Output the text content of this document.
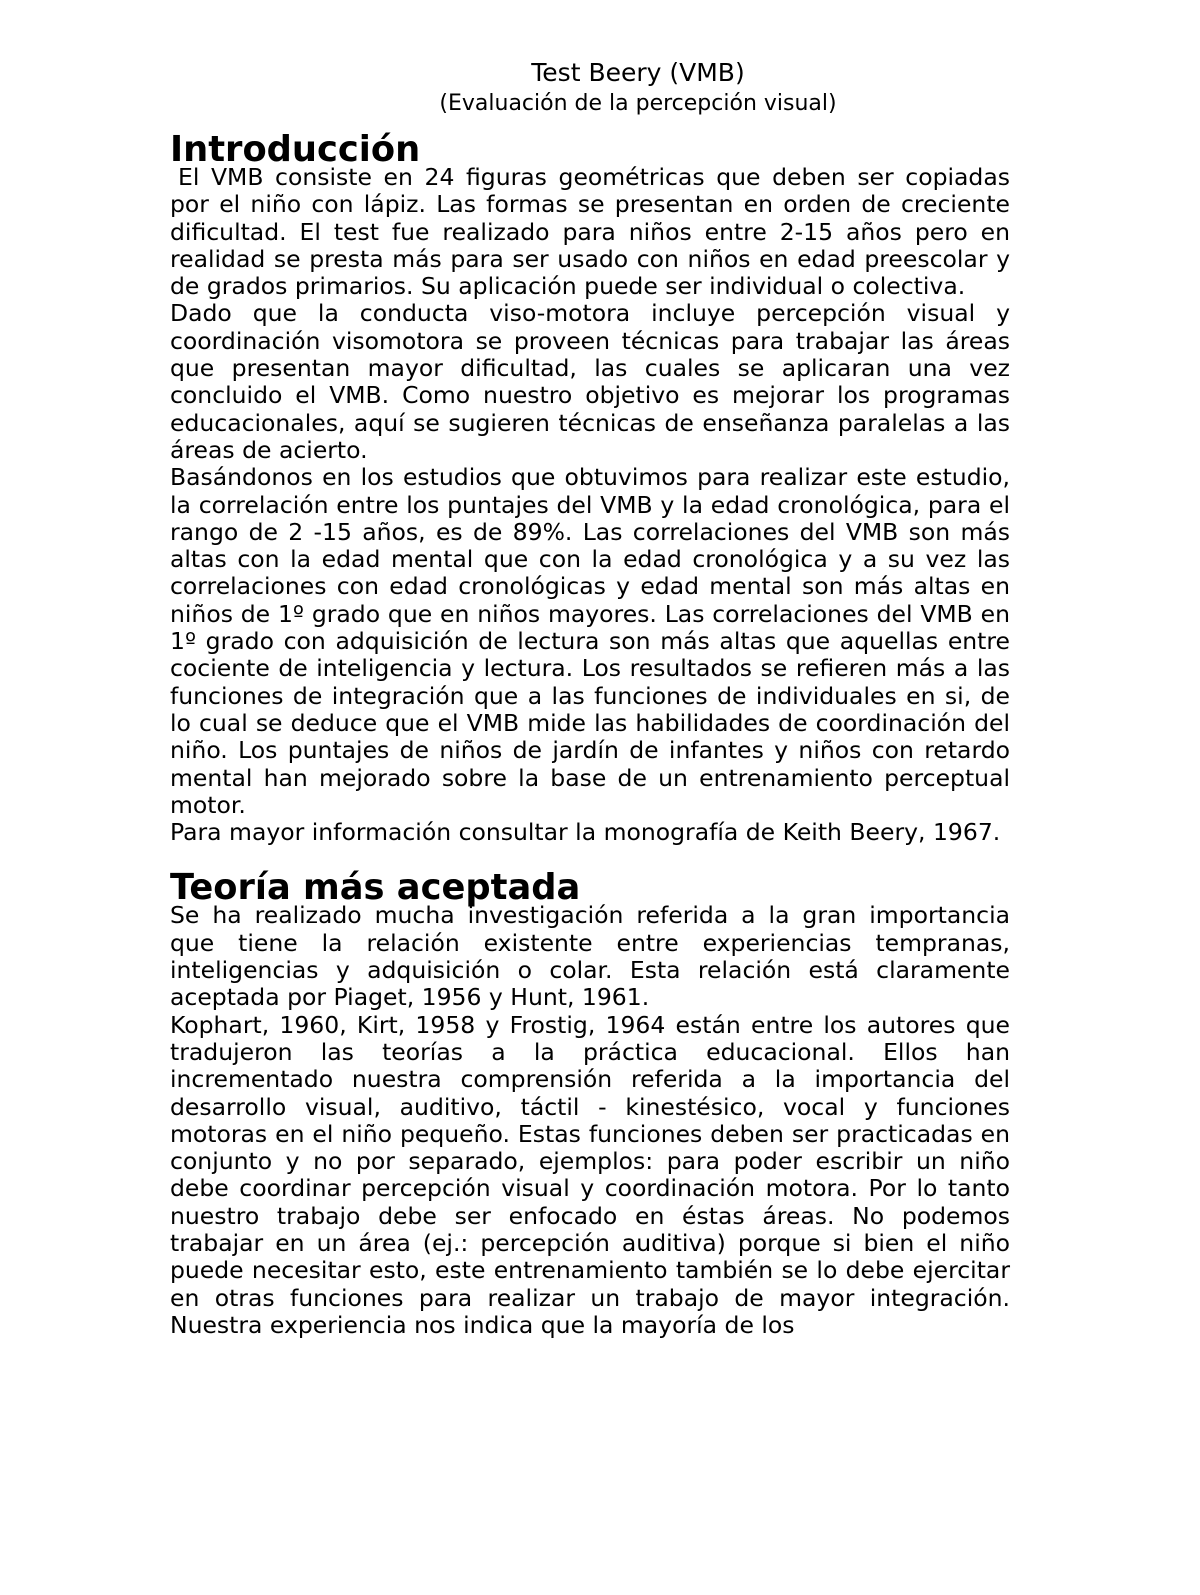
Test Beery (VMB)
(Evaluación de la percepción visual)
Introducción

El VMB consiste en 24 figuras geométricas que deben ser copiadas por el niño con lápiz. Las formas se presentan en orden de creciente dificultad. El test fue realizado para niños entre 2-15 años pero en realidad se presta más para ser usado con niños en edad preescolar y de grados primarios. Su aplicación puede ser individual o colectiva.

Dado que la conducta viso-motora incluye percepción visual y coordinación visomotora se proveen técnicas para trabajar las áreas que presentan mayor dificultad, las cuales se aplicaran una vez concluido el VMB. Como nuestro objetivo es mejorar los programas educacionales, aquí se sugieren técnicas de enseñanza paralelas a las áreas de acierto.

Basándonos en los estudios que obtuvimos para realizar este estudio, la correlación entre los puntajes del VMB y la edad cronológica, para el rango de 2 -15 años, es de 89%. Las correlaciones del VMB son más altas con la edad mental que con la edad cronológica y a su vez las correlaciones con edad cronológicas y edad mental son más altas en niños de 1º grado que en niños mayores. Las correlaciones del VMB en 1º grado con adquisición de lectura son más altas que aquellas entre cociente de inteligencia y lectura. Los resultados se refieren más a las funciones de integración que a las funciones de individuales en si, de lo cual se deduce que el VMB mide las habilidades de coordinación del niño. Los puntajes de niños de jardín de infantes y niños con retardo mental han mejorado sobre la base de un entrenamiento perceptual motor.

Para mayor información consultar la monografía de Keith Beery, 1967.

Teoría más aceptada

Se ha realizado mucha investigación referida a la gran importancia que tiene la relación existente entre experiencias tempranas, inteligencias y adquisición o colar. Esta relación está claramente aceptada por Piaget, 1956 y Hunt, 1961.

Kophart, 1960, Kirt, 1958 y Frostig, 1964 están entre los autores que tradujeron las teorías a la práctica educacional. Ellos han incrementado nuestra comprensión referida a la importancia del desarrollo visual, auditivo, táctil - kinestésico, vocal y funciones motoras en el niño pequeño. Estas funciones deben ser practicadas en conjunto y no por separado, ejemplos: para poder escribir un niño debe coordinar percepción visual y coordinación motora. Por lo tanto nuestro trabajo debe ser enfocado en éstas áreas. No podemos trabajar en un área (ej.: percepción auditiva) porque si bien el niño puede necesitar esto, este entrenamiento también se lo debe ejercitar en otras funciones para realizar un trabajo de mayor integración. Nuestra experiencia nos indica que la mayoría de los
